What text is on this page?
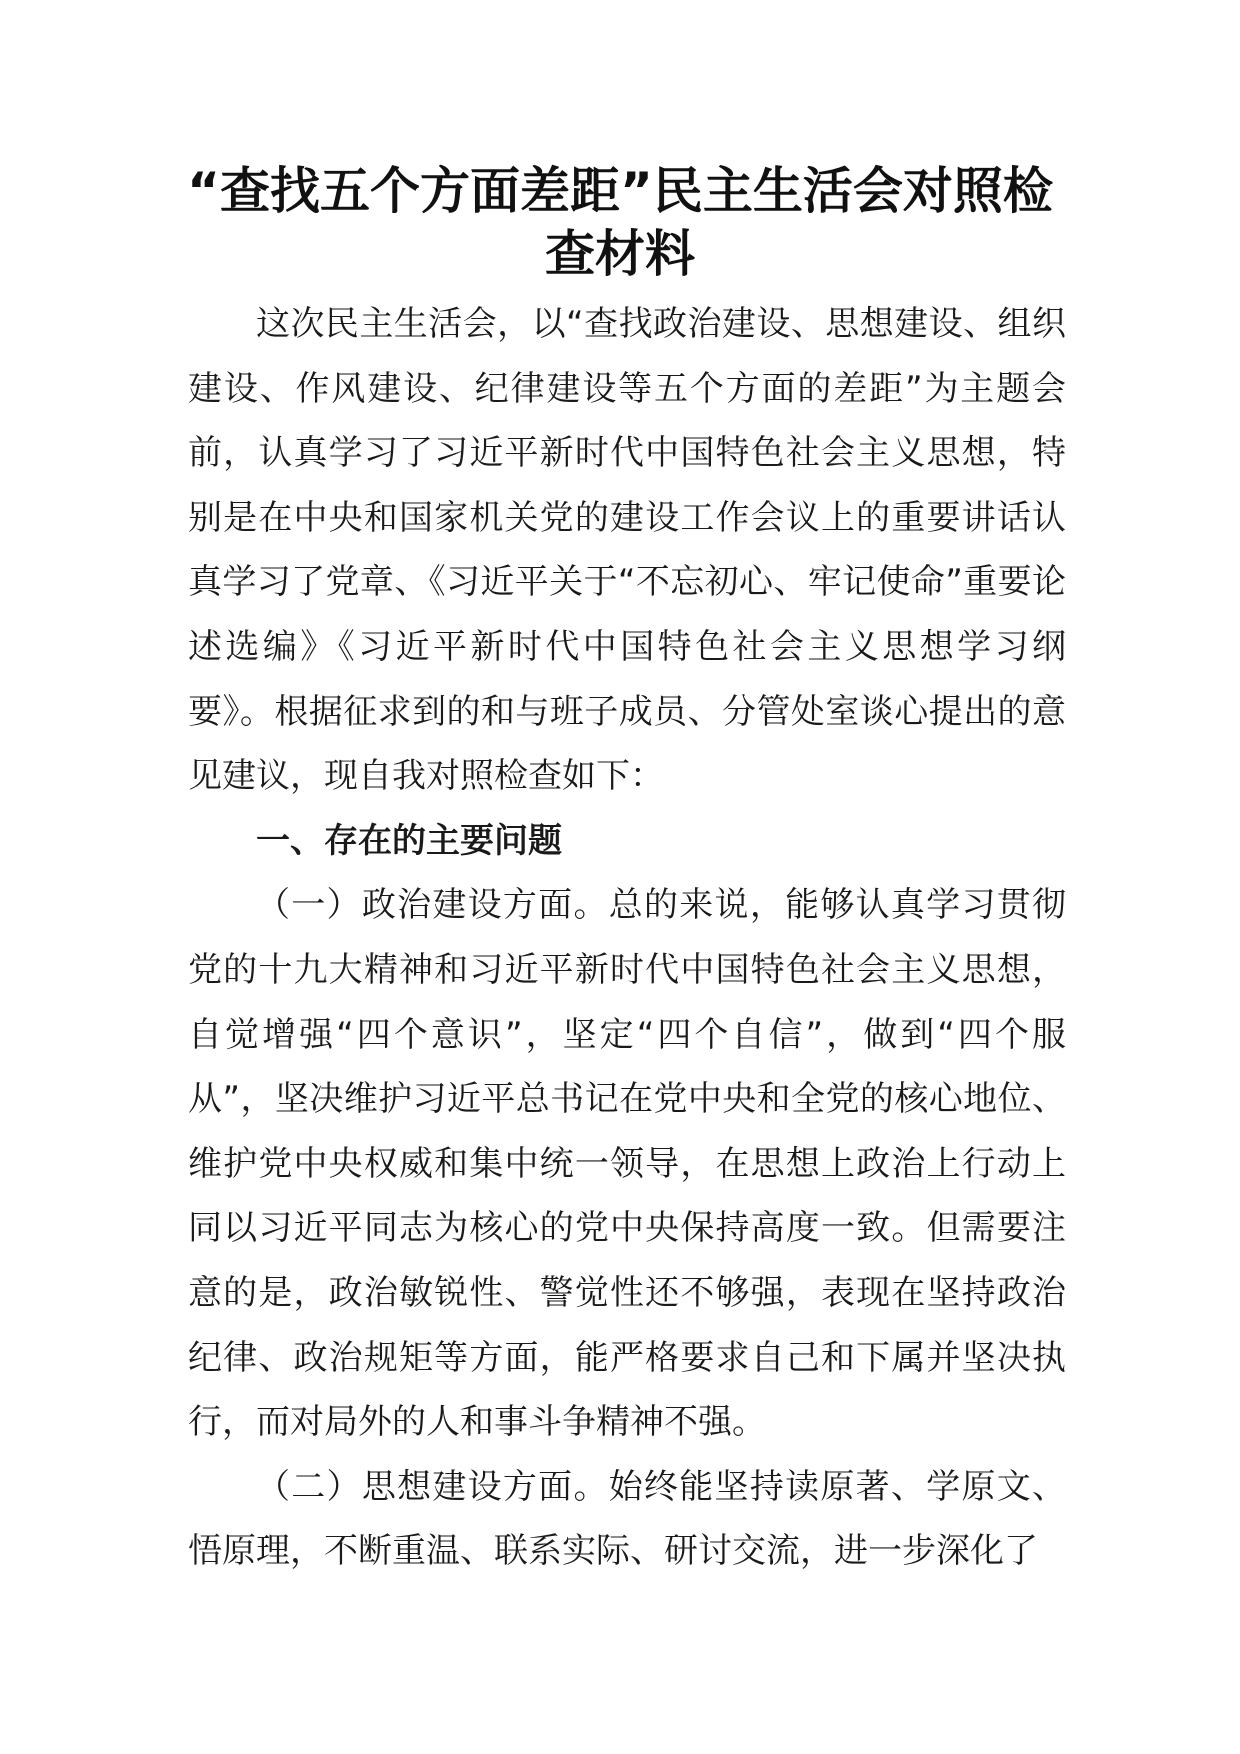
“查找五个方面差距”民主生活会对照检查材料

这次民主生活会，以“查找政治建设、思想建设、组织建设、作风建设、纪律建设等五个方面的差距”为主题会前，认真学习了习近平新时代中国特色社会主义思想，特别是在中央和国家机关党的建设工作会议上的重要讲话认真学习了党章、《习近平关于“不忘初心、牢记使命”重要论述选编》《习近平新时代中国特色社会主义思想学习纲要》。根据征求到的和与班子成员、分管处室谈心提出的意见建议，现自我对照检查如下：

一、存在的主要问题

（一）政治建设方面。总的来说，能够认真学习贯彻党的十九大精神和习近平新时代中国特色社会主义思想，自觉增强“四个意识”，坚定“四个自信”，做到“四个服从”，坚决维护习近平总书记在党中央和全党的核心地位、维护党中央权威和集中统一领导，在思想上政治上行动上同以习近平同志为核心的党中央保持高度一致。但需要注意的是，政治敏锐性、警觉性还不够强，表现在坚持政治纪律、政治规矩等方面，能严格要求自己和下属并坚决执行，而对局外的人和事斗争精神不强。

（二）思想建设方面。始终能坚持读原著、学原文、悟原理，不断重温、联系实际、研讨交流，进一步深化了
